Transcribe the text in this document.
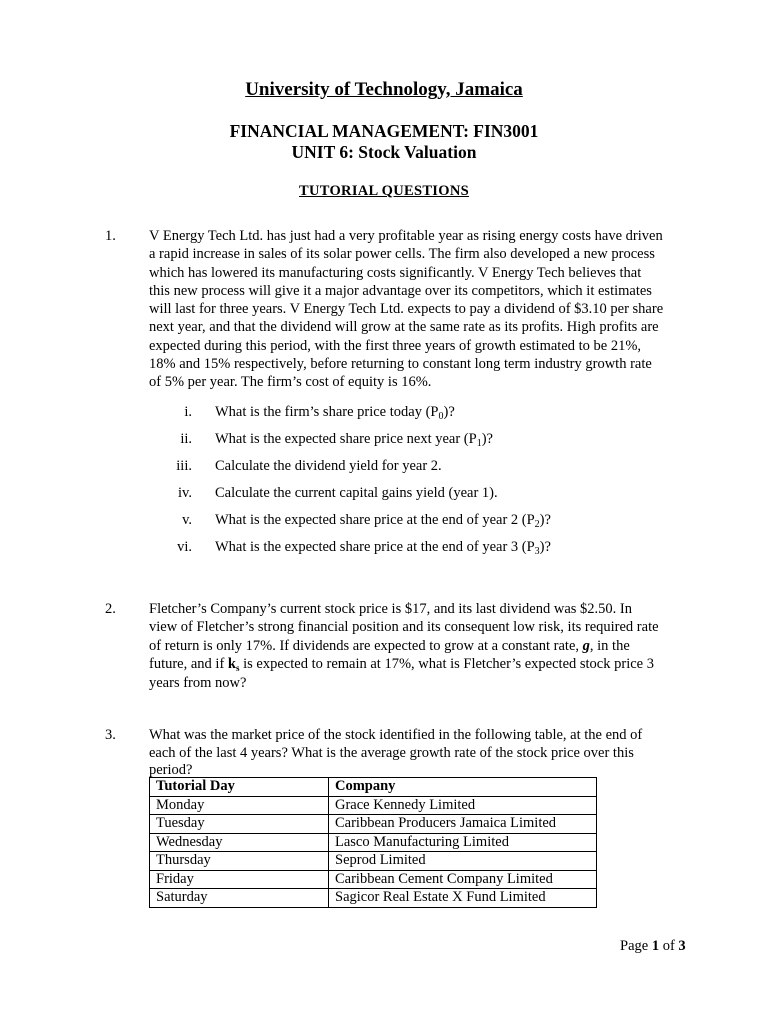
University of Technology, Jamaica

FINANCIAL MANAGEMENT: FIN3001

UNIT 6: Stock Valuation

TUTORIAL QUESTIONS

1. V Energy Tech Ltd. has just had a very profitable year as rising energy costs have driven
a rapid increase in sales of its solar power cells. The firm also developed a new process
which has lowered its manufacturing costs significantly. V Energy Tech believes that
this new process will give it a major advantage over its competitors, which it estimates
will last for three years. V Energy Tech Ltd. expects to pay a dividend of $3.10 per share
next year, and that the dividend will grow at the same rate as its profits. High profits are
expected during this period, with the first three years of growth estimated to be 21%,
18% and 15% respectively, before returning to constant long term industry growth rate
of 5% per year. The firm’s cost of equity is 16%.

i. What is the firm’s share price today $(P_0)$?

ii. What is the expected share price next year $(P_1)$?

iii. Calculate the dividend yield for year 2.

iv. Calculate the current capital gains yield (year 1).

v. What is the expected share price at the end of year 2 $(P_2)$?

vi. What is the expected share price at the end of year 3 $(P_3)$?

2. Fletcher’s Company’s current stock price is $17, and its last dividend was $2.50. In
view of Fletcher’s strong financial position and its consequent low risk, its required rate
of return is only 17%. If dividends are expected to grow at a constant rate, g, in the
future, and if $k_s$ is expected to remain at 17%, what is Fletcher’s expected stock price 3
years from now?

3. What was the market price of the stock identified in the following table, at the end of
each of the last 4 years? What is the average growth rate of the stock price over this
period?
Tutorial Day	Company
Monday	Grace Kennedy Limited
Tuesday	Caribbean Producers Jamaica Limited
Wednesday	Lasco Manufacturing Limited
Thursday	Seprod Limited
Friday	Caribbean Cement Company Limited
Saturday	Sagicor Real Estate X Fund Limited

Page 1 of 3
